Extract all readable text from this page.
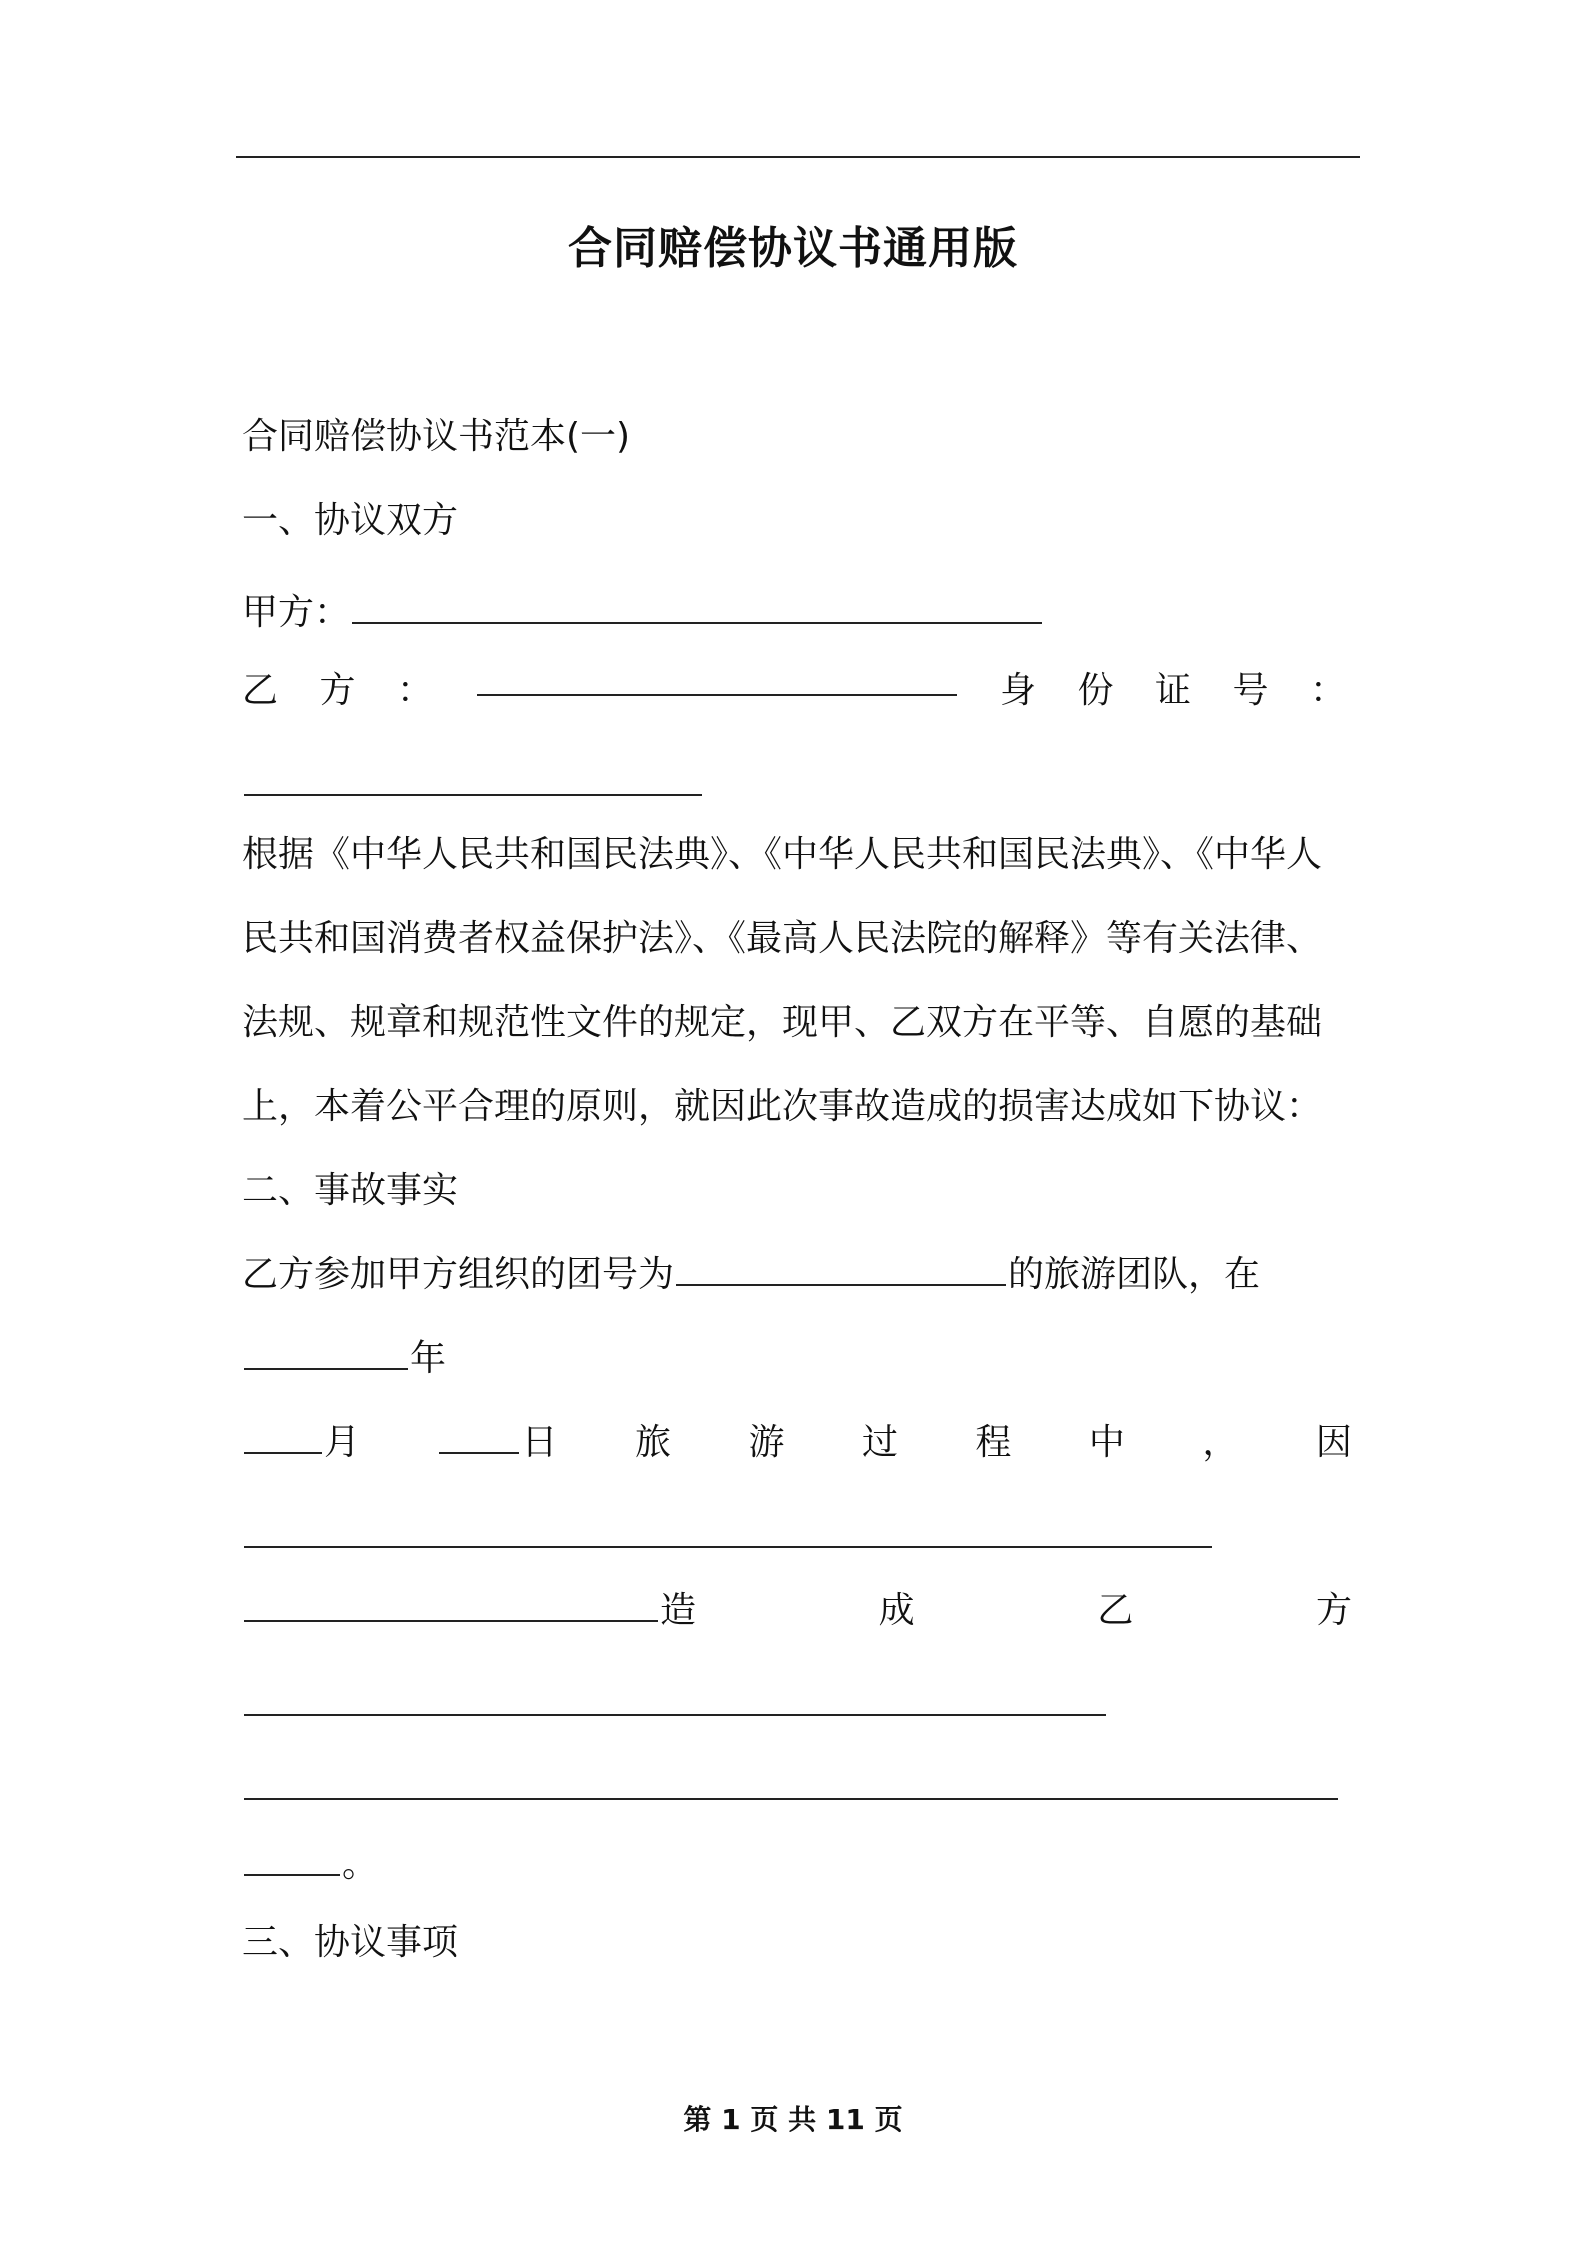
合同赔偿协议书通用版
合同赔偿协议书范本(一)
一、协议双方
甲方：
乙 方 ：	身 份 证 号 ：
根据《中华人民共和国民法典》、《中华人民共和国民法典》、《中华人
民共和国消费者权益保护法》、《最高人民法院的解释》等有关法律、
法规、规章和规范性文件的规定，现甲、乙双方在平等、自愿的基础
上，本着公平合理的原则，就因此次事故造成的损害达成如下协议：
二、事故事实
乙方参加甲方组织的团号为	的旅游团队，在
年
月	日 旅 游 过 程 中 ， 因
造	成	乙	方
。
三、协议事项
第 1 页 共 11 页
